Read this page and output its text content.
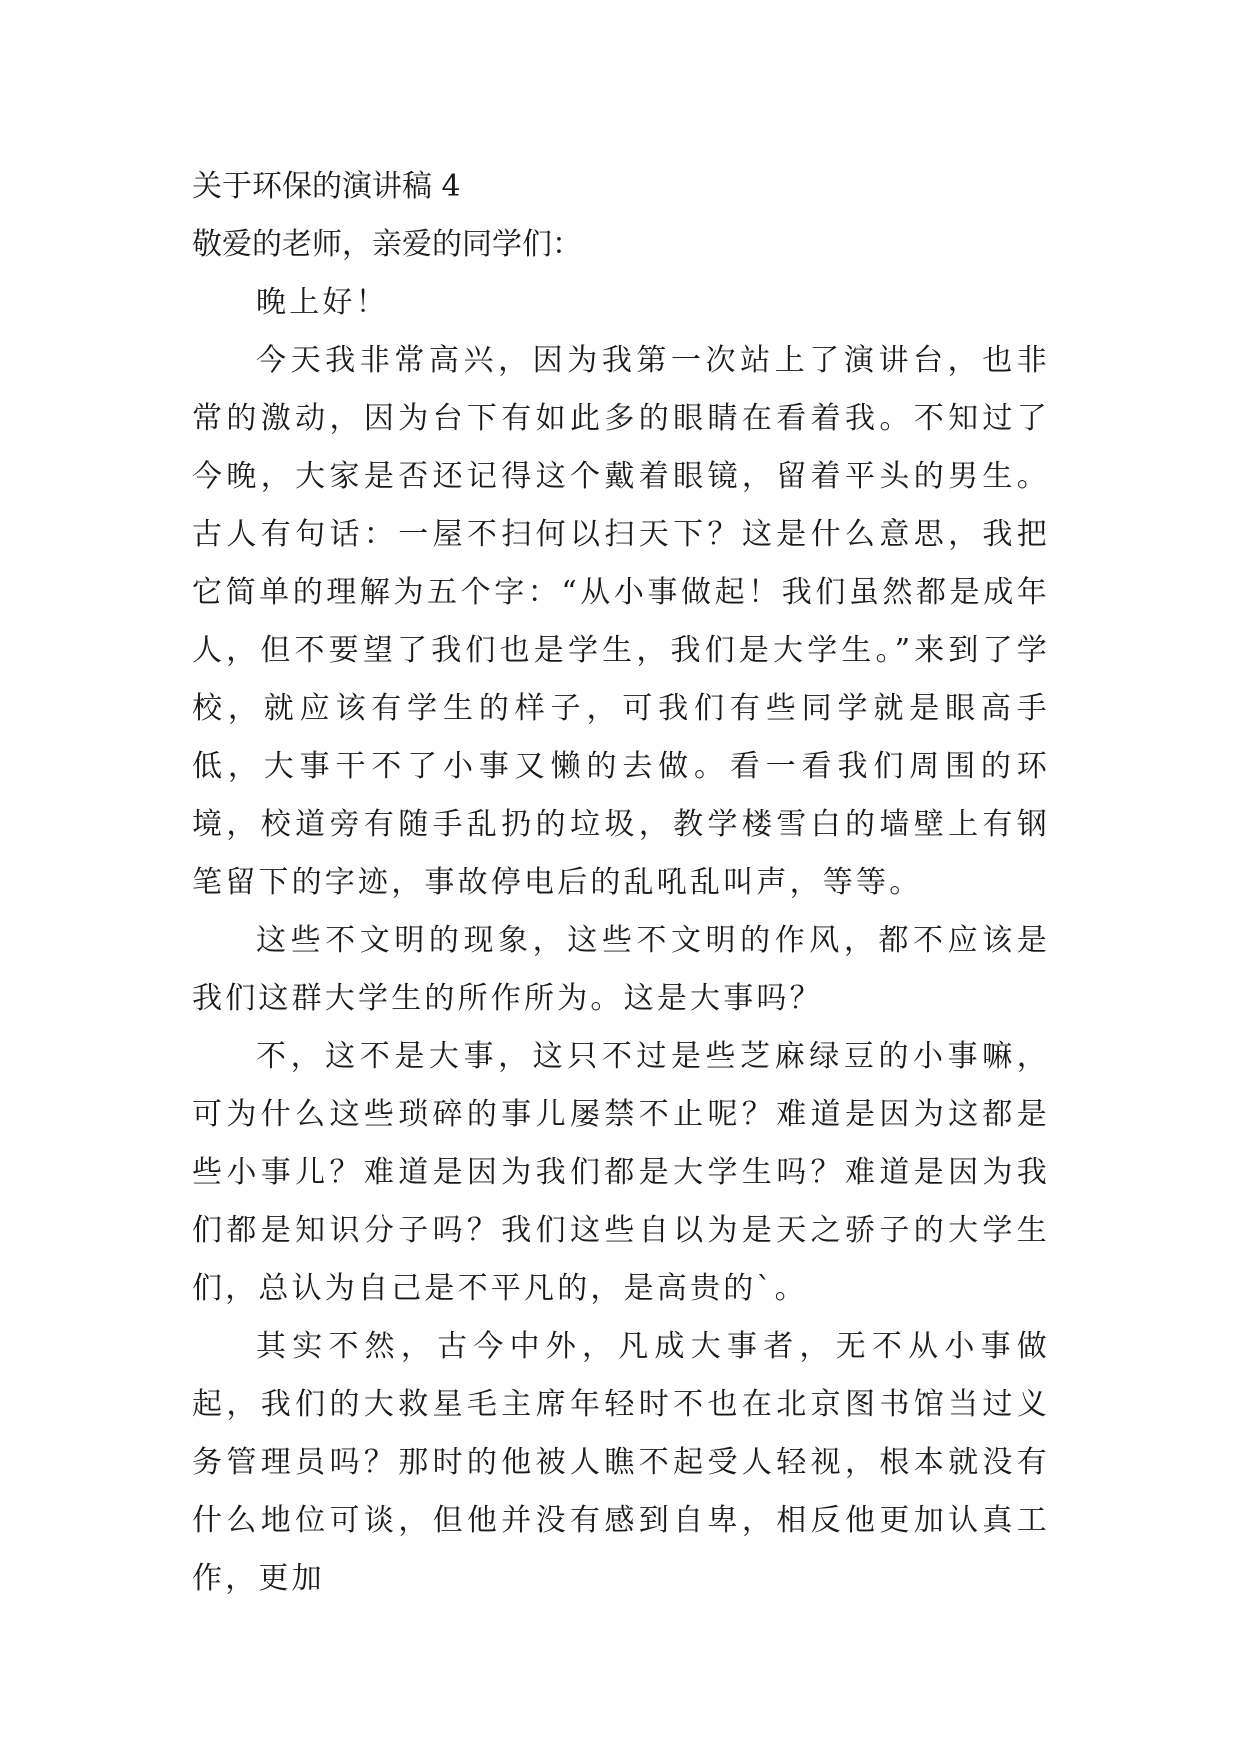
关于环保的演讲稿 4

敬爱的老师，亲爱的同学们：

晚上好！

今天我非常高兴，因为我第一次站上了演讲台，也非常的激动，因为台下有如此多的眼睛在看着我。不知过了今晚，大家是否还记得这个戴着眼镜，留着平头的男生。古人有句话：一屋不扫何以扫天下？这是什么意思，我把它简单的理解为五个字：“从小事做起！我们虽然都是成年人，但不要望了我们也是学生，我们是大学生。”来到了学校，就应该有学生的样子，可我们有些同学就是眼高手低，大事干不了小事又懒的去做。看一看我们周围的环境，校道旁有随手乱扔的垃圾，教学楼雪白的墙壁上有钢笔留下的字迹，事故停电后的乱吼乱叫声，等等。

这些不文明的现象，这些不文明的作风，都不应该是我们这群大学生的所作所为。这是大事吗？

不，这不是大事，这只不过是些芝麻绿豆的小事嘛，可为什么这些琐碎的事儿屡禁不止呢？难道是因为这都是些小事儿？难道是因为我们都是大学生吗？难道是因为我们都是知识分子吗？我们这些自以为是天之骄子的大学生们，总认为自己是不平凡的，是高贵的`。

其实不然，古今中外，凡成大事者，无不从小事做起，我们的大救星毛主席年轻时不也在北京图书馆当过义务管理员吗？那时的他被人瞧不起受人轻视，根本就没有什么地位可谈，但他并没有感到自卑，相反他更加认真工作，更加
